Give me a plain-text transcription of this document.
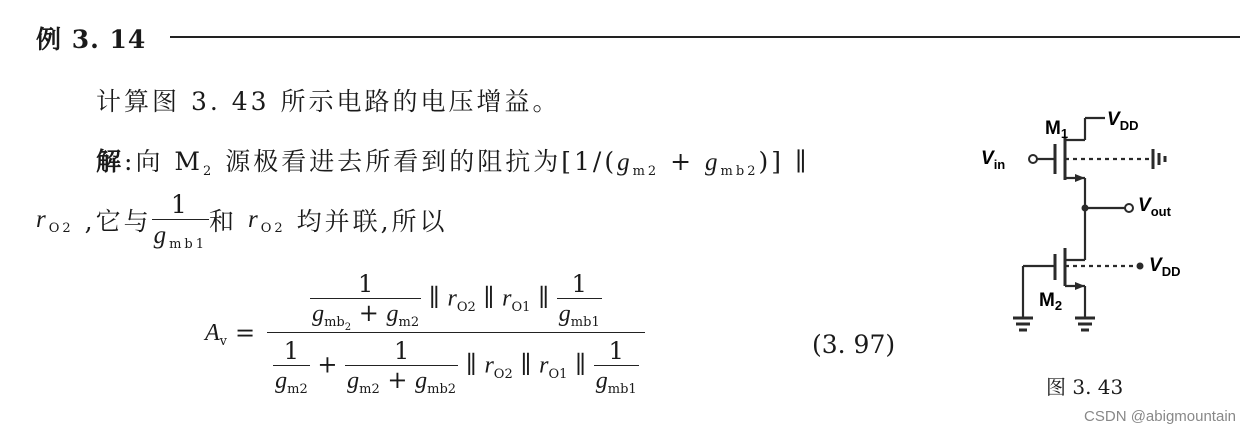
例 3. 14
计算图 3. 43 所示电路的电压增益。
解:向 $M_2$ 源极看进去所看到的阻抗为$[1/(g_{m2} + g_{mb2})]$ ∥
$r_{O2}$ ,它与 $\frac{1}{g_{mb1}}$ 和 $r_{O2}$ 均并联,所以
$A_v$ =
$\frac{1}{g_{mb2} + g_{m2}}$ ∥ $r_{O2}$ ∥ $r_{O1}$ ∥ $\frac{1}{g_{mb1}}$
$\frac{1}{g_{m2}} + \frac{1}{g_{m2} + g_{mb2}}$ ∥ $r_{O2}$ ∥ $r_{O1}$ ∥ $\frac{1}{g_{mb1}}$	(3. 97)
$M_1$
$V_{DD}$
$V_{in}$
$V_{out}$
$V_{DD}$
$M_2$
图 3. 43
CSDN @abigmountain
